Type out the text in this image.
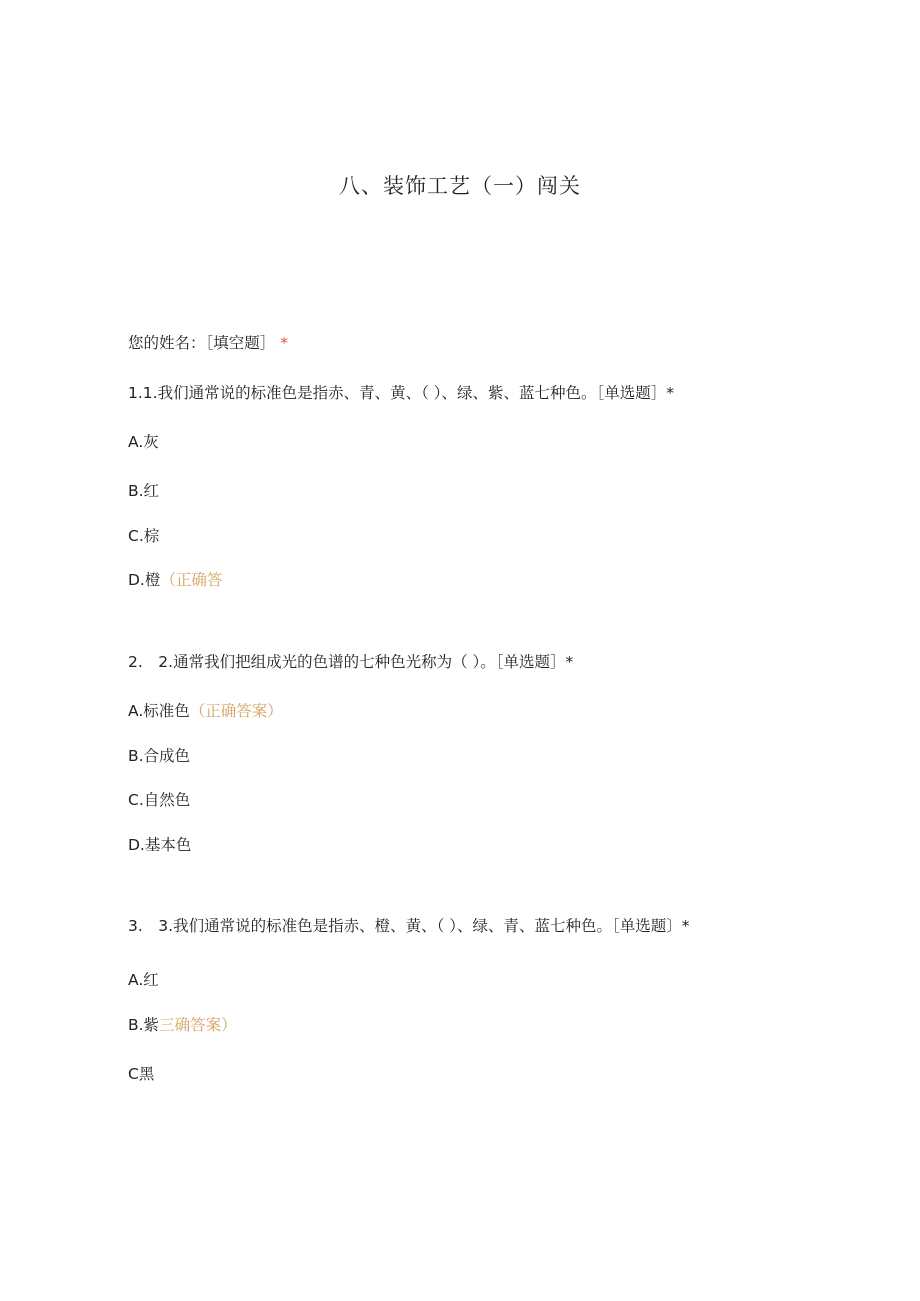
八、装饰工艺（一）闯关
您的姓名：［填空题］ *
1.1.我们通常说的标准色是指赤、青、黄、（ ）、绿、紫、蓝七种色。［单选题］*
A.灰
B.红
C.棕
D.橙（正确答
2.　2.通常我们把组成光的色谱的七种色光称为（ ）。［单选题］*
A.标准色（正确答案）
B.合成色
C.自然色
D.基本色
3.　3.我们通常说的标准色是指赤、橙、黄、（ ）、绿、青、蓝七种色。［单选题〕*
A.红
B.紫三确答案）
C黑
